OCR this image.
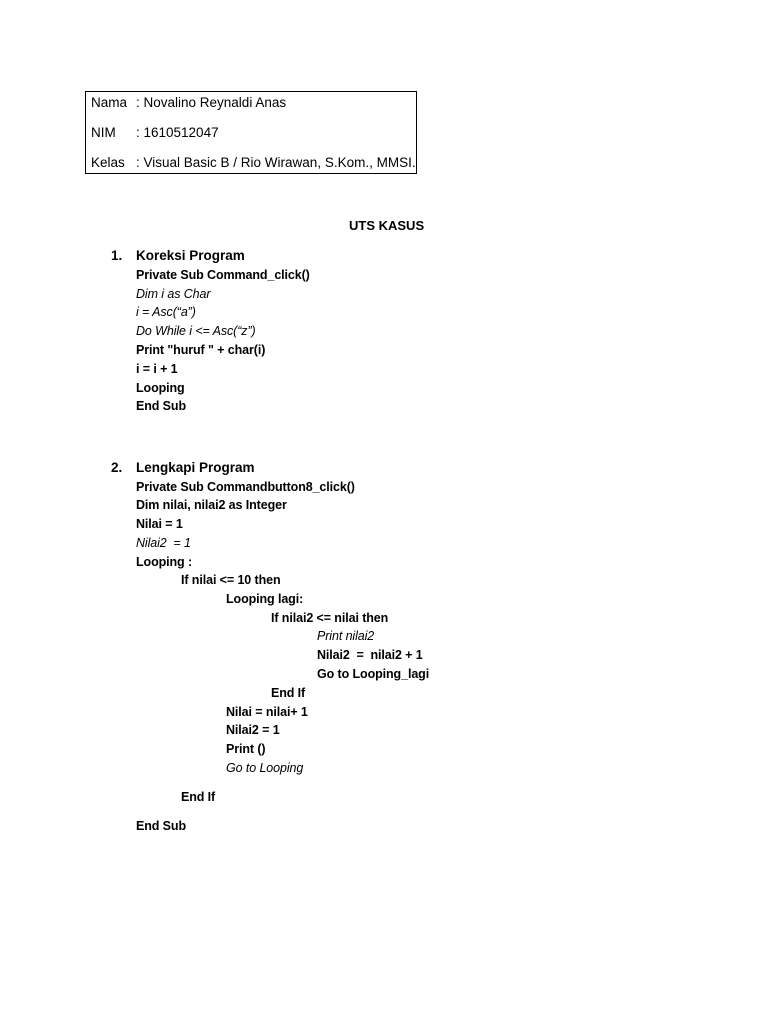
Nama : Novalino Reynaldi Anas
NIM : 1610512047
Kelas : Visual Basic B / Rio Wirawan, S.Kom., MMSI.
UTS KASUS
1. Koreksi Program
Private Sub Command_click()
Dim i as Char
i = Asc(“a”)
Do While i <= Asc(“z”)
Print "huruf " + char(i)
i = i + 1
Looping
End Sub
2. Lengkapi Program
Private Sub Commandbutton8_click()
Dim nilai, nilai2 as Integer
Nilai = 1
Nilai2  = 1
Looping :
If nilai <= 10 then
Looping lagi:
If nilai2 <= nilai then
Print nilai2
Nilai2  =  nilai2 + 1
Go to Looping_lagi
End If
Nilai = nilai+ 1
Nilai2 = 1
Print ()
Go to Looping
End If
End Sub
